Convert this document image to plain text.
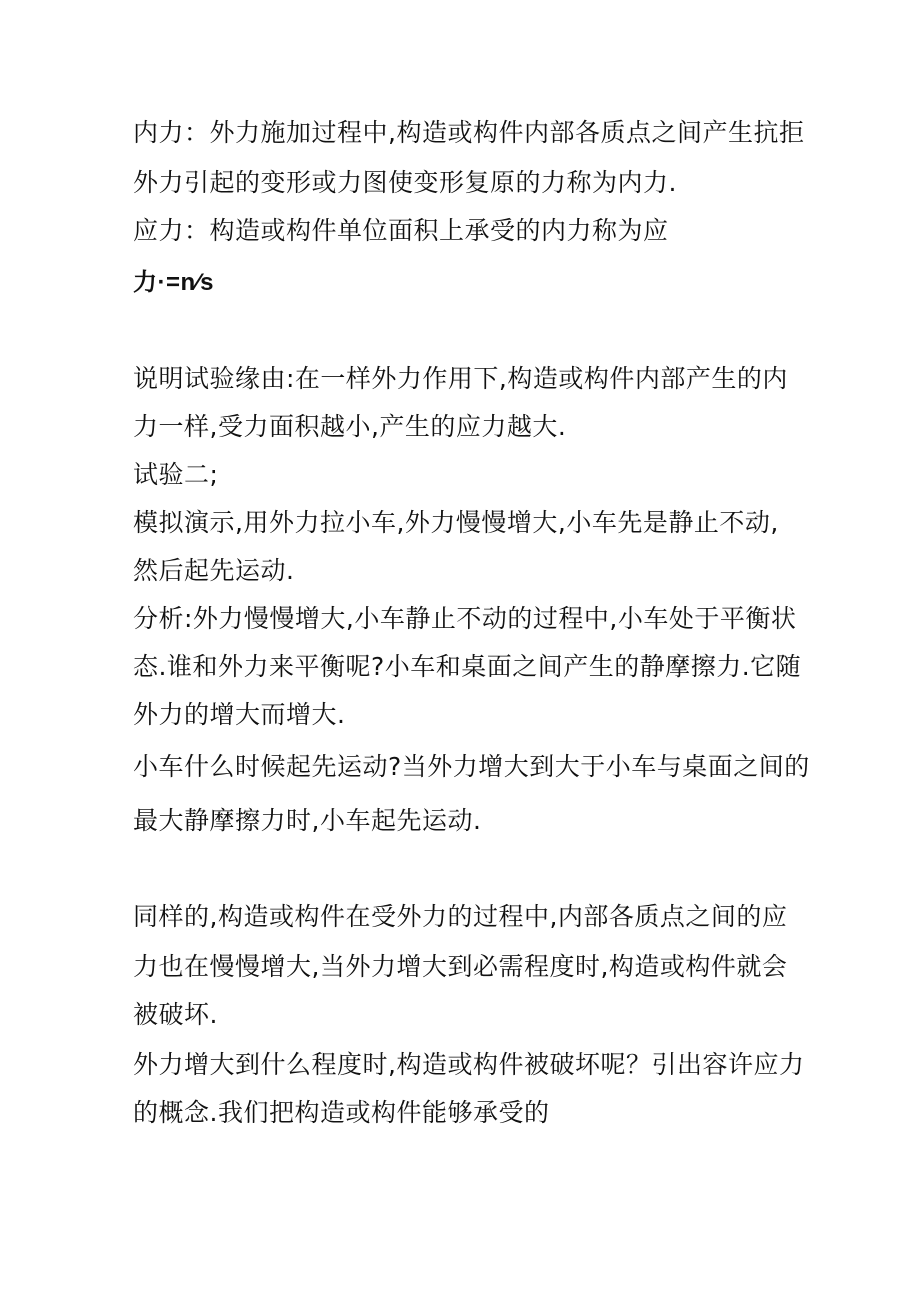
内力：外力施加过程中,构造或构件内部各质点之间产生抗拒
外力引起的变形或力图使变形复原的力称为内力.
应力：构造或构件单位面积上承受的内力称为应
力·=n⁄s
说明试验缘由:在一样外力作用下,构造或构件内部产生的内
力一样,受力面积越小,产生的应力越大.
试验二;
模拟演示,用外力拉小车,外力慢慢增大,小车先是静止不动,
然后起先运动.
分析:外力慢慢增大,小车静止不动的过程中,小车处于平衡状
态.谁和外力来平衡呢?小车和桌面之间产生的静摩擦力.它随
外力的增大而增大.
小车什么时候起先运动?当外力增大到大于小车与桌面之间的
最大静摩擦力时,小车起先运动.
同样的,构造或构件在受外力的过程中,内部各质点之间的应
力也在慢慢增大,当外力增大到必需程度时,构造或构件就会
被破坏.
外力增大到什么程度时,构造或构件被破坏呢？引出容许应力
的概念.我们把构造或构件能够承受的
